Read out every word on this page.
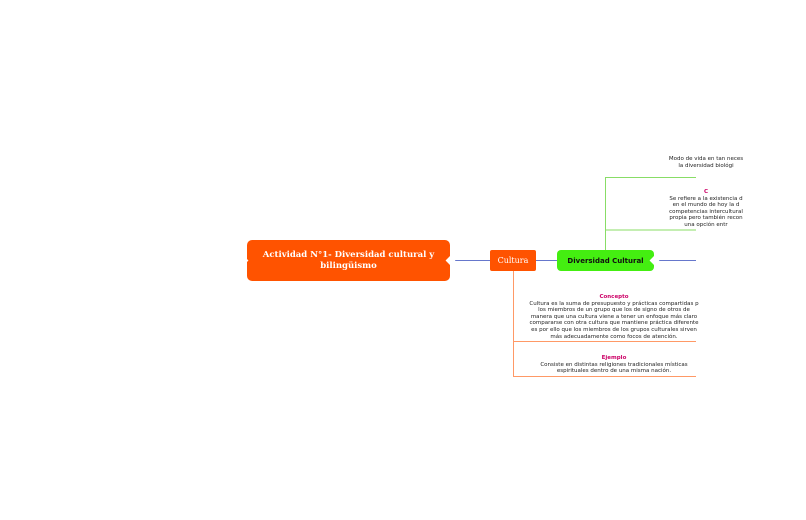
Actividad N°1- Diversidad cultural y bilingüismo	Cultura	Diversidad Cultural
Modo de vida en tan neces
la diversidad biológi
C
Se refiere a la existencia d
en el mundo de hoy la d
competencias intercultural
propia pero también recon
una opción entr
Concepto
Cultura es la suma de presupuesto y prácticas compartidas p
los miembros de un grupo que los de signo de otros de
manera que una cultura viene a tener un enfoque más claro
compararse con otra cultura que mantiene práctica diferente
es por ello que los miembros de los grupos culturales sirven
más adecuadamente como focos de atención.
Ejemplo
Consiste en distintas religiones tradicionales místicas
espirituales dentro de una misma nación.
